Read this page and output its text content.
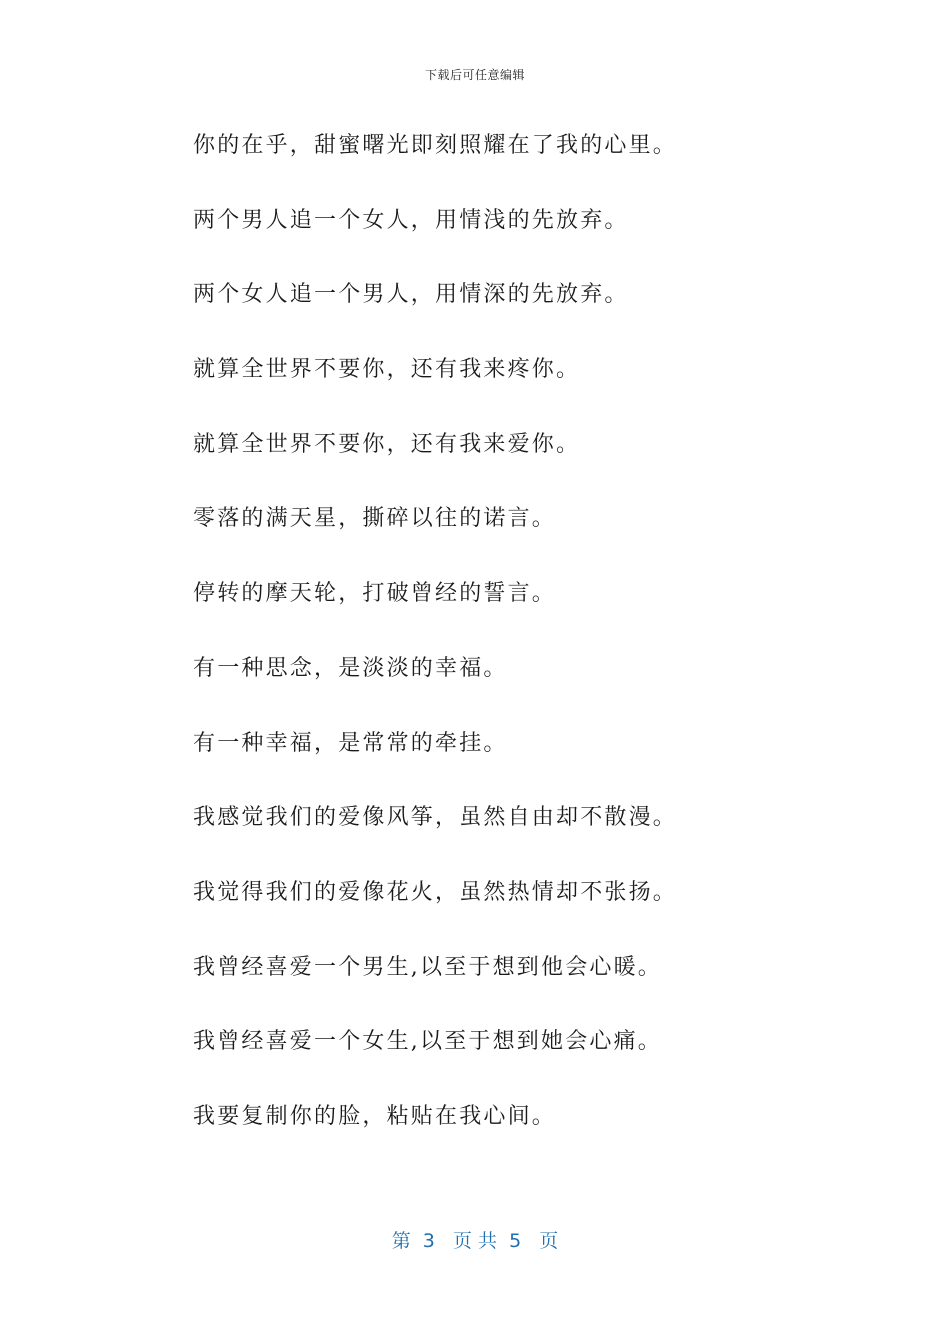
下载后可任意编辑
你的在乎，甜蜜曙光即刻照耀在了我的心里。
两个男人追一个女人，用情浅的先放弃。
两个女人追一个男人，用情深的先放弃。
就算全世界不要你，还有我来疼你。
就算全世界不要你，还有我来爱你。
零落的满天星，撕碎以往的诺言。
停转的摩天轮，打破曾经的誓言。
有一种思念，是淡淡的幸福。
有一种幸福，是常常的牵挂。
我感觉我们的爱像风筝，虽然自由却不散漫。
我觉得我们的爱像花火，虽然热情却不张扬。
我曾经喜爱一个男生,以至于想到他会心暖。
我曾经喜爱一个女生,以至于想到她会心痛。
我要复制你的脸，粘贴在我心间。
第  3   页 共  5   页
